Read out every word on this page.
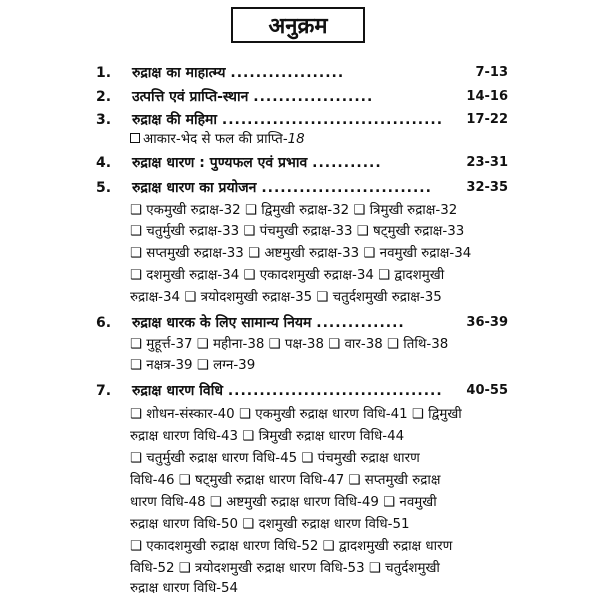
अनुक्रम
1. रुद्राक्ष का माहात्म्य ..................	7-13
2. उत्पत्ति एवं प्राप्ति-स्थान ...................	14-16
3. रुद्राक्ष की महिमा ................................... 17-22
आकार-भेद से फल की प्राप्ति-18
4. रुद्राक्ष धारण : पुण्यफल एवं प्रभाव ...........	23-31
5. रुद्राक्ष धारण का प्रयोजन ...........................	32-35
❑ एकमुखी रुद्राक्ष-32 ❑ द्विमुखी रुद्राक्ष-32 ❑ त्रिमुखी रुद्राक्ष-32
❑ चतुर्मुखी रुद्राक्ष-33 ❑ पंचमुखी रुद्राक्ष-33 ❑ षट्मुखी रुद्राक्ष-33
❑ सप्तमुखी रुद्राक्ष-33 ❑ अष्टमुखी रुद्राक्ष-33 ❑ नवमुखी रुद्राक्ष-34
❑ दशमुखी रुद्राक्ष-34 ❑ एकादशमुखी रुद्राक्ष-34 ❑ द्वादशमुखी
रुद्राक्ष-34 ❑ त्रयोदशमुखी रुद्राक्ष-35 ❑ चतुर्दशमुखी रुद्राक्ष-35
6. रुद्राक्ष धारक के लिए सामान्य नियम ..............	36-39
❑ मुहूर्त्त-37 ❑ महीना-38 ❑ पक्ष-38 ❑ वार-38 ❑ तिथि-38
❑ नक्षत्र-39 ❑ लग्न-39
7. रुद्राक्ष धारण विधि .................................. 40-55
❑ शोधन-संस्कार-40 ❑ एकमुखी रुद्राक्ष धारण विधि-41 ❑ द्विमुखी
रुद्राक्ष धारण विधि-43 ❑ त्रिमुखी रुद्राक्ष धारण विधि-44
❑ चतुर्मुखी रुद्राक्ष धारण विधि-45 ❑ पंचमुखी रुद्राक्ष धारण
विधि-46 ❑ षट्मुखी रुद्राक्ष धारण विधि-47 ❑ सप्तमुखी रुद्राक्ष
धारण विधि-48 ❑ अष्टमुखी रुद्राक्ष धारण विधि-49 ❑ नवमुखी
रुद्राक्ष धारण विधि-50 ❑ दशमुखी रुद्राक्ष धारण विधि-51
❑ एकादशमुखी रुद्राक्ष धारण विधि-52 ❑ द्वादशमुखी रुद्राक्ष धारण
विधि-52 ❑ त्रयोदशमुखी रुद्राक्ष धारण विधि-53 ❑ चतुर्दशमुखी
रुद्राक्ष धारण विधि-54
